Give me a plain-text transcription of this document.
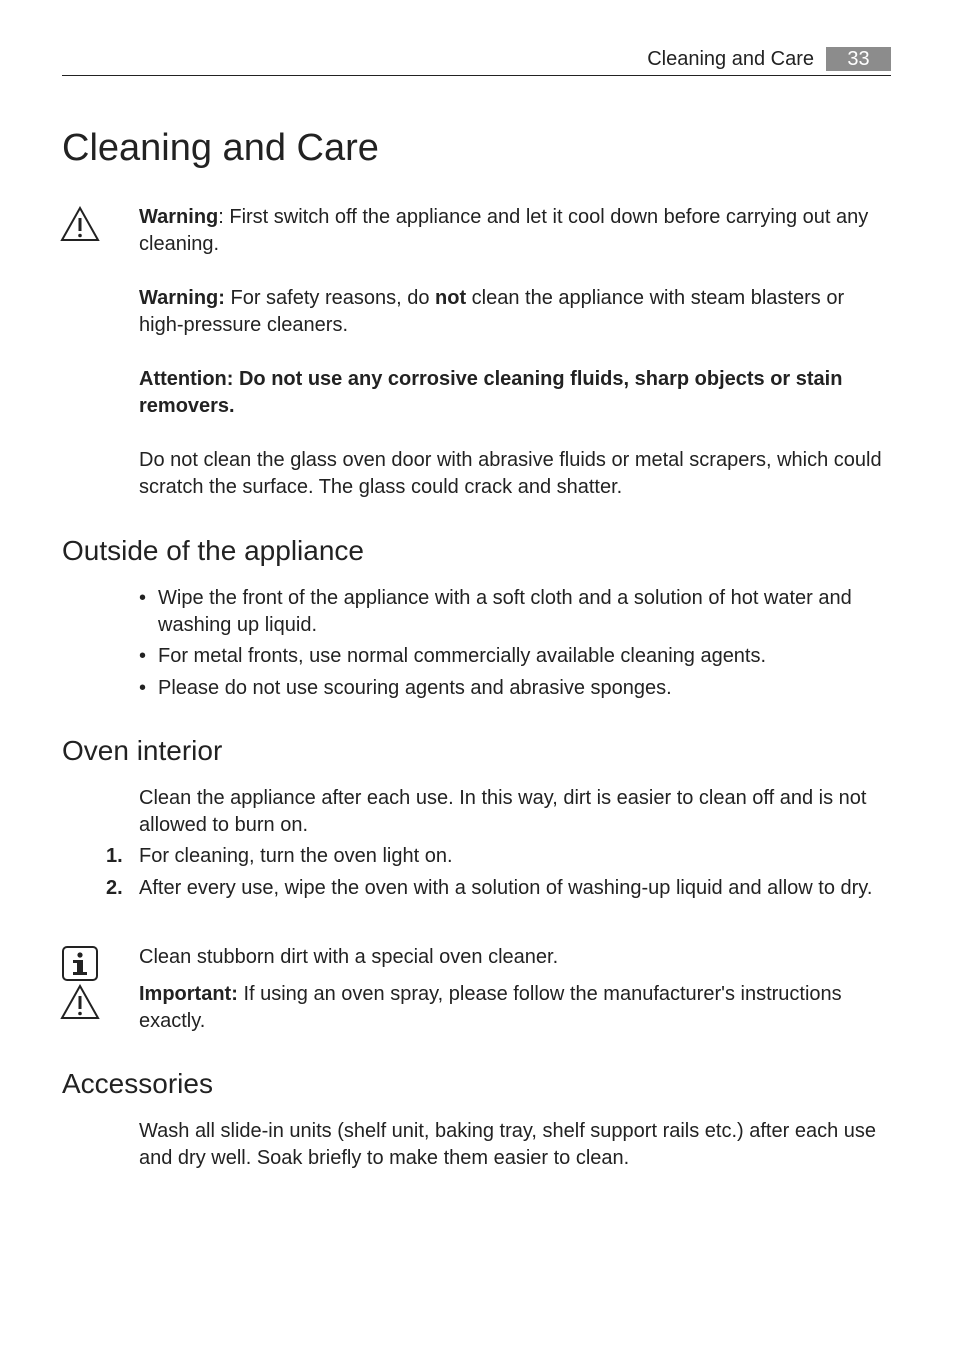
Cleaning and Care	33
Cleaning and Care
Warning: First switch off the appliance and let it cool down before carrying out any cleaning.
Warning: For safety reasons, do not clean the appliance with steam blasters or high-pressure cleaners.
Attention: Do not use any corrosive cleaning fluids, sharp objects or stain removers.
Do not clean the glass oven door with abrasive fluids or metal scrapers, which could scratch the surface. The glass could crack and shatter.
Outside of the appliance
• Wipe the front of the appliance with a soft cloth and a solution of hot water and washing up liquid.
• For metal fronts, use normal commercially available cleaning agents.
• Please do not use scouring agents and abrasive sponges.
Oven interior
Clean the appliance after each use. In this way, dirt is easier to clean off and is not allowed to burn on.
1. For cleaning, turn the oven light on.
2. After every use, wipe the oven with a solution of washing-up liquid and allow to dry.
Clean stubborn dirt with a special oven cleaner.
Important: If using an oven spray, please follow the manufacturer's instructions exactly.
Accessories
Wash all slide-in units (shelf unit, baking tray, shelf support rails etc.) after each use and dry well. Soak briefly to make them easier to clean.
